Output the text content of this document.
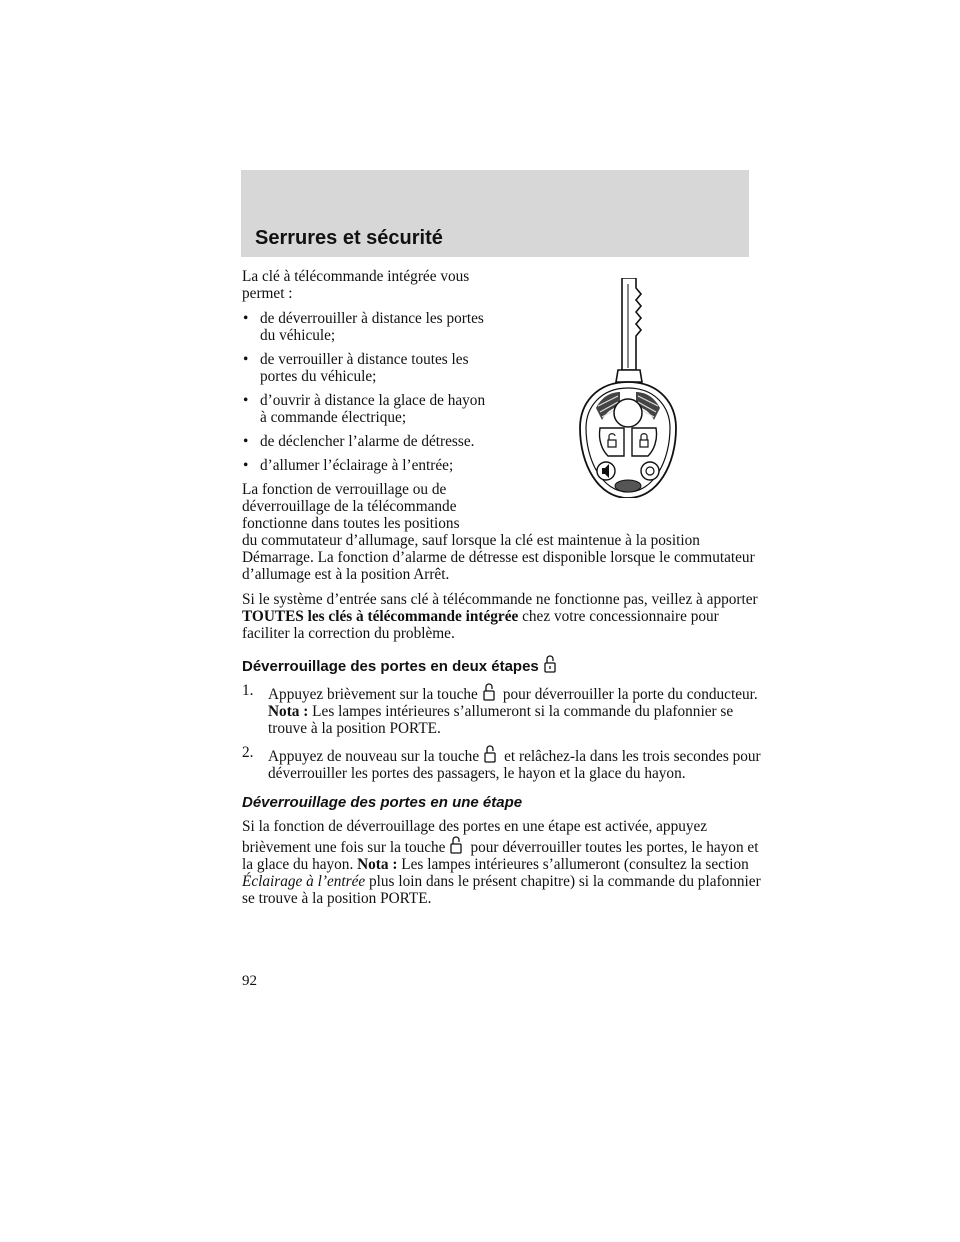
Serrures et sécurité

La clé à télécommande intégrée vous permet :

• de déverrouiller à distance les portes du véhicule;
• de verrouiller à distance toutes les portes du véhicule;
• d’ouvrir à distance la glace de hayon à commande électrique;
• de déclencher l’alarme de détresse.
• d’allumer l’éclairage à l’entrée;

La fonction de verrouillage ou de déverrouillage de la télécommande fonctionne dans toutes les positions
du commutateur d’allumage, sauf lorsque la clé est maintenue à la position Démarrage. La fonction d’alarme de détresse est disponible lorsque le commutateur d’allumage est à la position Arrêt.

Si le système d’entrée sans clé à télécommande ne fonctionne pas, veillez à apporter TOUTES les clés à télécommande intégrée chez votre concessionnaire pour faciliter la correction du problème.

Déverrouillage des portes en deux étapes
1. Appuyez brièvement sur la touche pour déverrouiller la porte du conducteur. Nota : Les lampes intérieures s’allumeront si la commande du plafonnier se trouve à la position PORTE.
2. Appuyez de nouveau sur la touche et relâchez-la dans les trois secondes pour déverrouiller les portes des passagers, le hayon et la glace du hayon.
Déverrouillage des portes en une étape

Si la fonction de déverrouillage des portes en une étape est activée, appuyez brièvement une fois sur la touche pour déverrouiller toutes les portes, le hayon et la glace du hayon. Nota : Les lampes intérieures s’allumeront (consultez la section Éclairage à l’entrée plus loin dans le présent chapitre) si la commande du plafonnier se trouve à la position PORTE.

92
